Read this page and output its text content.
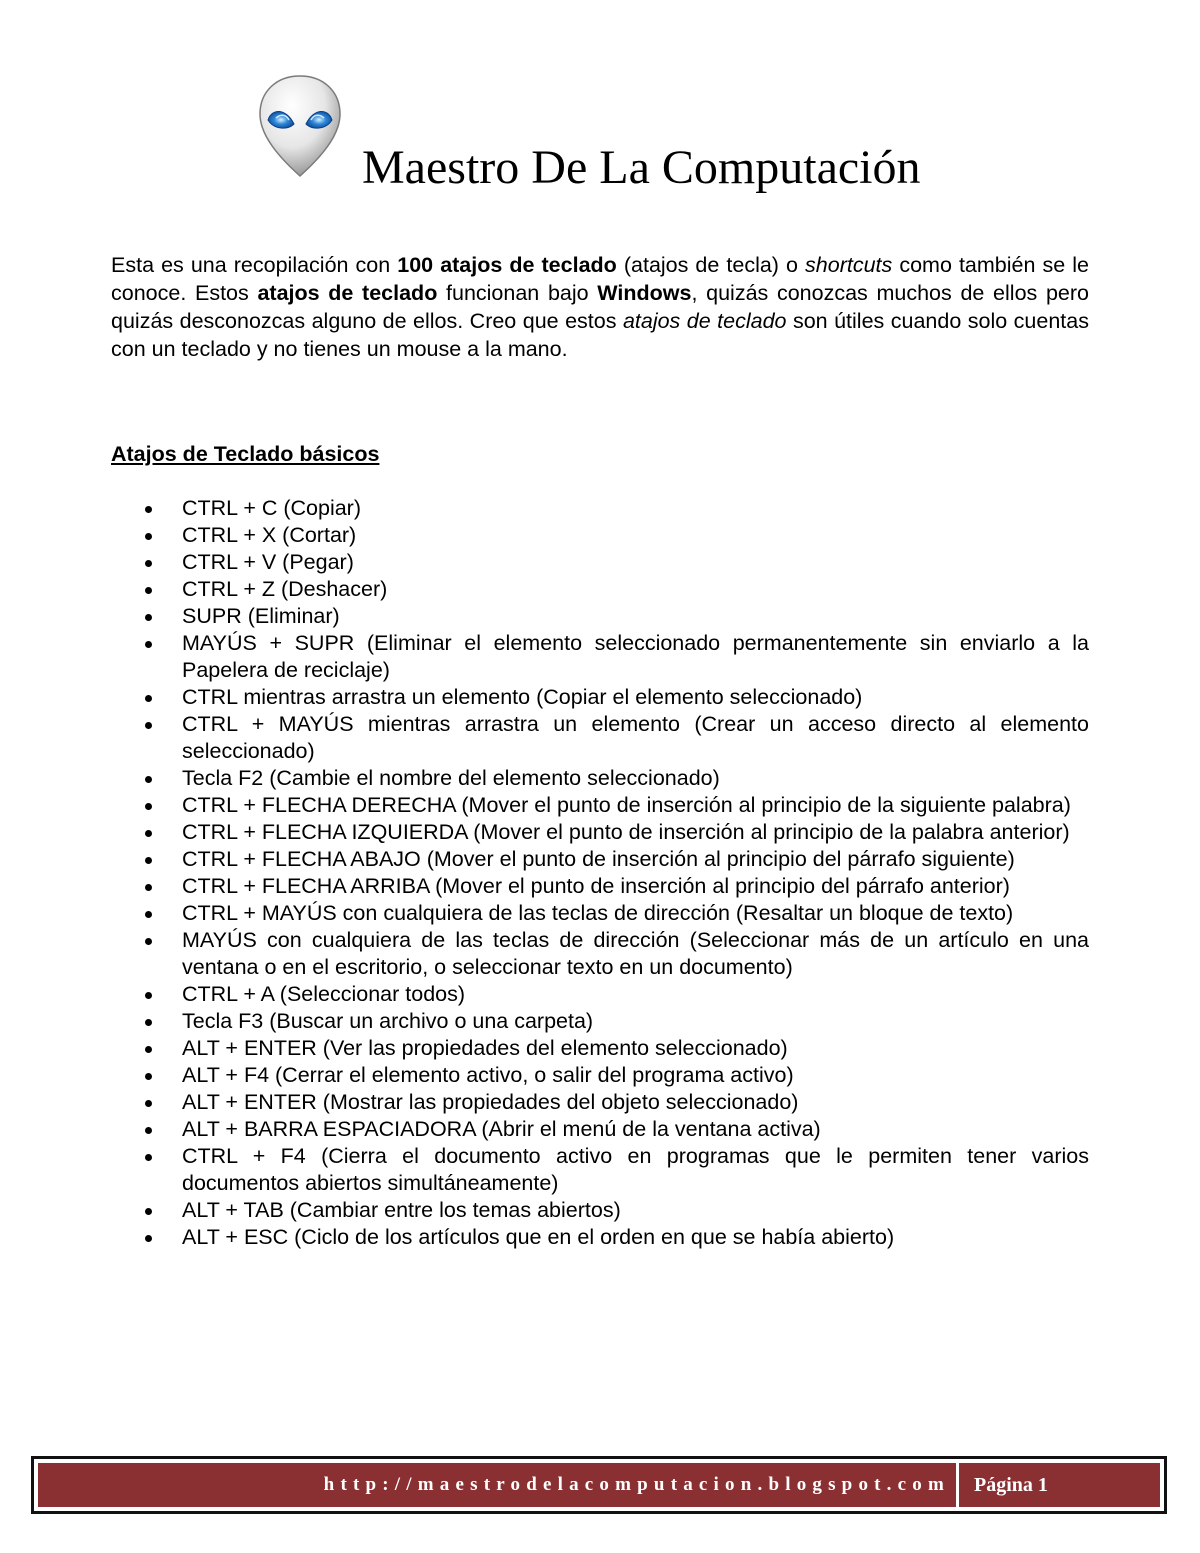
Maestro De La Computación

Esta es una recopilación con 100 atajos de teclado (atajos de tecla) o shortcuts como también se le conoce. Estos atajos de teclado funcionan bajo Windows, quizás conozcas muchos de ellos pero quizás desconozcas alguno de ellos. Creo que estos atajos de teclado son útiles cuando solo cuentas con un teclado y no tienes un mouse a la mano.

Atajos de Teclado básicos
CTRL + C (Copiar)
CTRL + X (Cortar)
CTRL + V (Pegar)
CTRL + Z (Deshacer)
SUPR (Eliminar)
MAYÚS + SUPR (Eliminar el elemento seleccionado permanentemente sin enviarlo a la Papelera de reciclaje)
CTRL mientras arrastra un elemento (Copiar el elemento seleccionado)
CTRL + MAYÚS mientras arrastra un elemento (Crear un acceso directo al elemento seleccionado)
Tecla F2 (Cambie el nombre del elemento seleccionado)
CTRL + FLECHA DERECHA (Mover el punto de inserción al principio de la siguiente palabra)
CTRL + FLECHA IZQUIERDA (Mover el punto de inserción al principio de la palabra anterior)
CTRL + FLECHA ABAJO (Mover el punto de inserción al principio del párrafo siguiente)
CTRL + FLECHA ARRIBA (Mover el punto de inserción al principio del párrafo anterior)
CTRL + MAYÚS con cualquiera de las teclas de dirección (Resaltar un bloque de texto)
MAYÚS con cualquiera de las teclas de dirección (Seleccionar más de un artículo en una ventana o en el escritorio, o seleccionar texto en un documento)
CTRL + A (Seleccionar todos)
Tecla F3 (Buscar un archivo o una carpeta)
ALT + ENTER (Ver las propiedades del elemento seleccionado)
ALT + F4 (Cerrar el elemento activo, o salir del programa activo)
ALT + ENTER (Mostrar las propiedades del objeto seleccionado)
ALT + BARRA ESPACIADORA (Abrir el menú de la ventana activa)
CTRL + F4 (Cierra el documento activo en programas que le permiten tener varios documentos abiertos simultáneamente)
ALT + TAB (Cambiar entre los temas abiertos)
ALT + ESC (Ciclo de los artículos que en el orden en que se había abierto)
http://maestrodelacomputacion.blogspot.com Página 1
